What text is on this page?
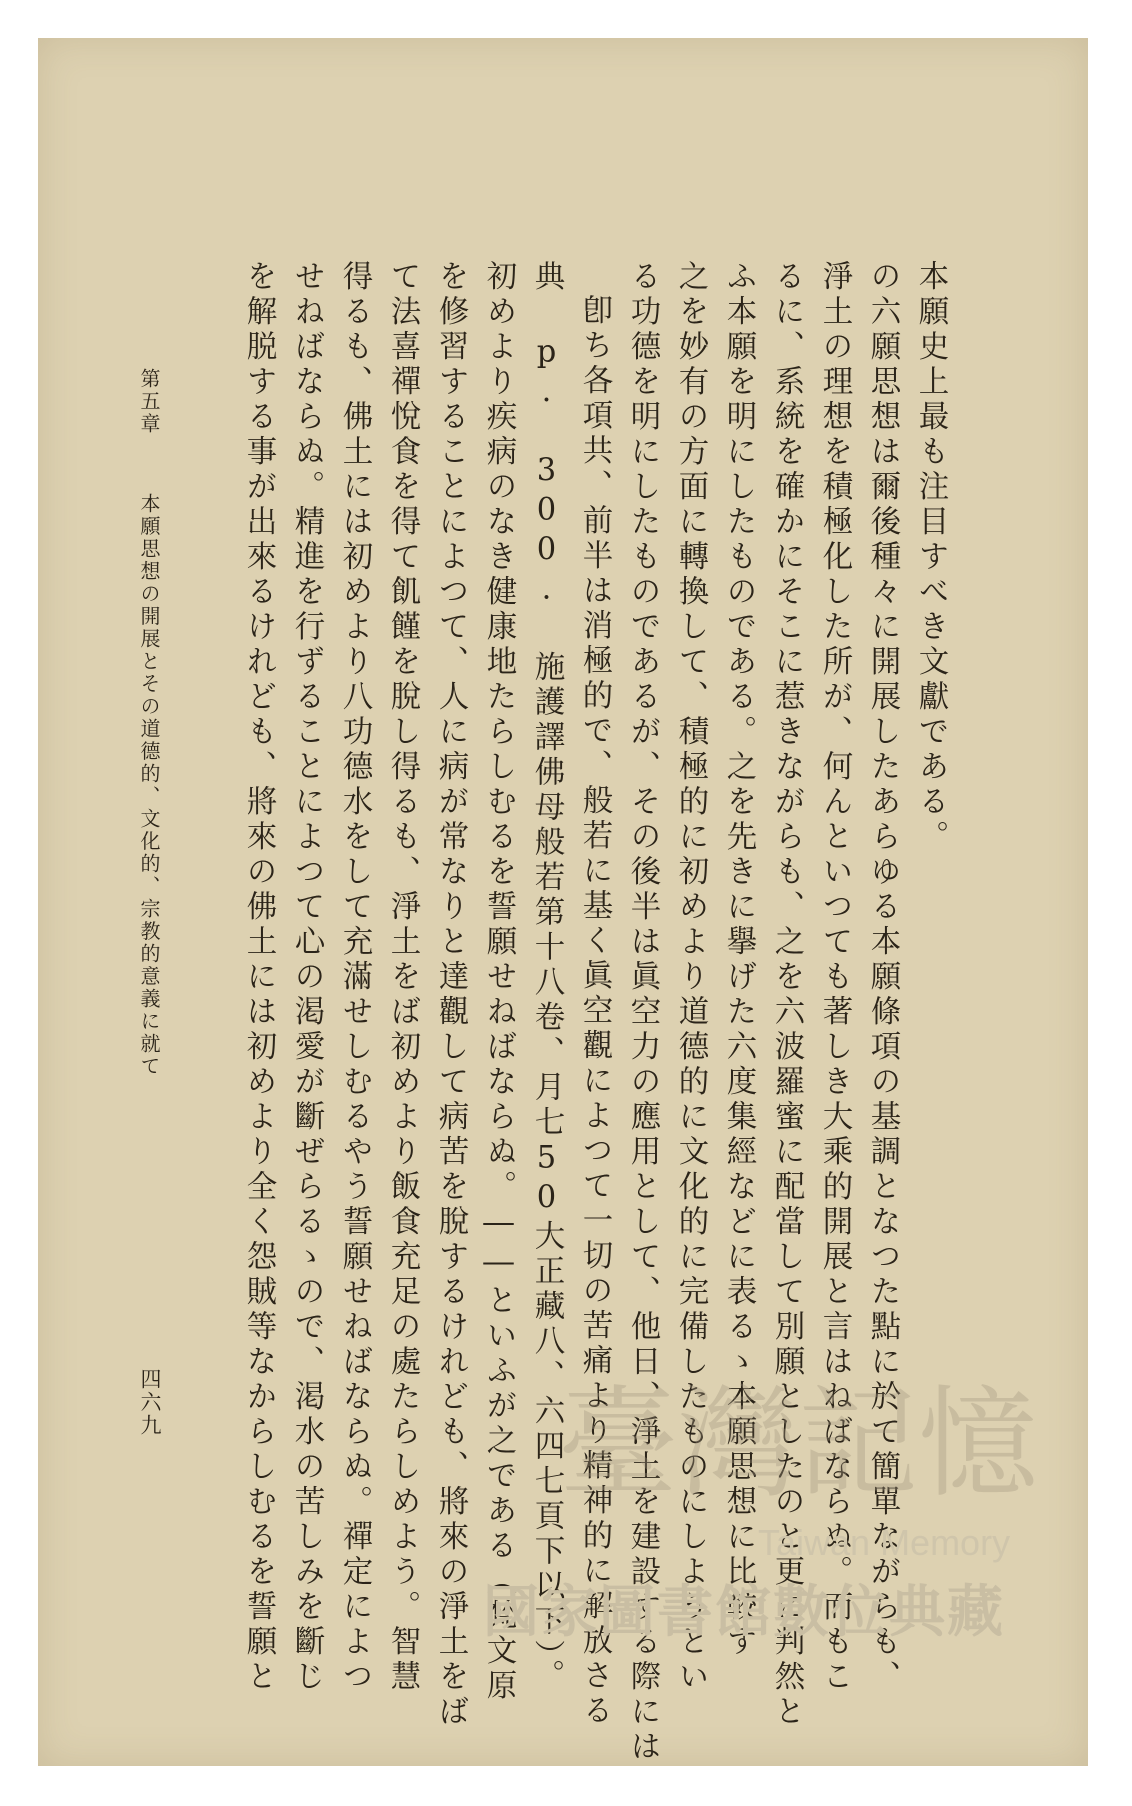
を解脱する事が出來るけれども、將來の佛土には初めより全く怨賊等なからしむるを誓願と せねばならぬ。精進を行ずることによつて心の渇愛が斷ぜらるゝので、渇水の苦しみを斷じ 得るも、佛土には初めより八功德水をして充滿せしむるやう誓願せねばならぬ。禪定によつ て法喜禪悅食を得て飢饉を脫し得るも、淨土をば初めより飯食充足の處たらしめよう。智慧 を修習することによつて、人に病が常なりと達觀して病苦を脫するけれども、將來の淨土をば 初めより疾病のなき健康地たらしむるを誓願せねばならぬ。――といふが之である（梵文原 典 p. 300. 施護譯佛母般若第十八卷、月七50大正藏八、六四七頁下以下）。 卽ち各項共、前半は消極的で、般若に基く眞空觀によつて一切の苦痛より精神的に解放さる る功德を明にしたものであるが、その後半は眞空力の應用として、他日、淨土を建設する際には 之を妙有の方面に轉換して、積極的に初めより道德的に文化的に完備したものにしようとい ふ本願を明にしたものである。之を先きに擧げた六度集經などに表るゝ本願思想に比較す るに、系統を確かにそこに惹きながらも、之を六波羅蜜に配當して別願としたのと更に判然と 淨土の理想を積極化した所が、何んといつても著しき大乘的開展と言はねばならぬ。而もこ の六願思想は爾後種々に開展したあらゆる本願條項の基調となつた點に於て簡單ながらも、 本願史上最も注目すべき文獻である。
第五章
本願思想の開展とその道德的、文化的、宗教的意義に就て
四六九	臺灣記憶
Taiwan Memory
國家圖書館數位典藏
